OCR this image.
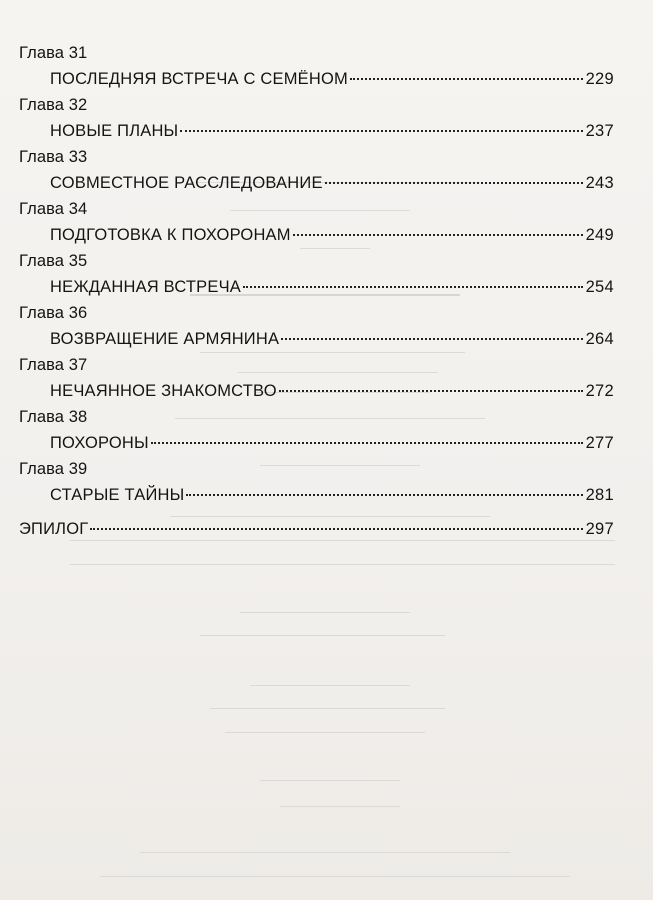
Глава 31
ПОСЛЕДНЯЯ ВСТРЕЧА С СЕМЁНОМ	229
Глава 32
НОВЫЕ ПЛАНЫ	237
Глава 33
СОВМЕСТНОЕ РАССЛЕДОВАНИЕ	243
Глава 34
ПОДГОТОВКА К ПОХОРОНАМ	249
Глава 35
НЕЖДАННАЯ ВСТРЕЧА	254
Глава 36
ВОЗВРАЩЕНИЕ АРМЯНИНА	264
Глава 37
НЕЧАЯННОЕ ЗНАКОМСТВО	272
Глава 38
ПОХОРОНЫ	277
Глава 39
СТАРЫЕ ТАЙНЫ	281
ЭПИЛОГ	297
